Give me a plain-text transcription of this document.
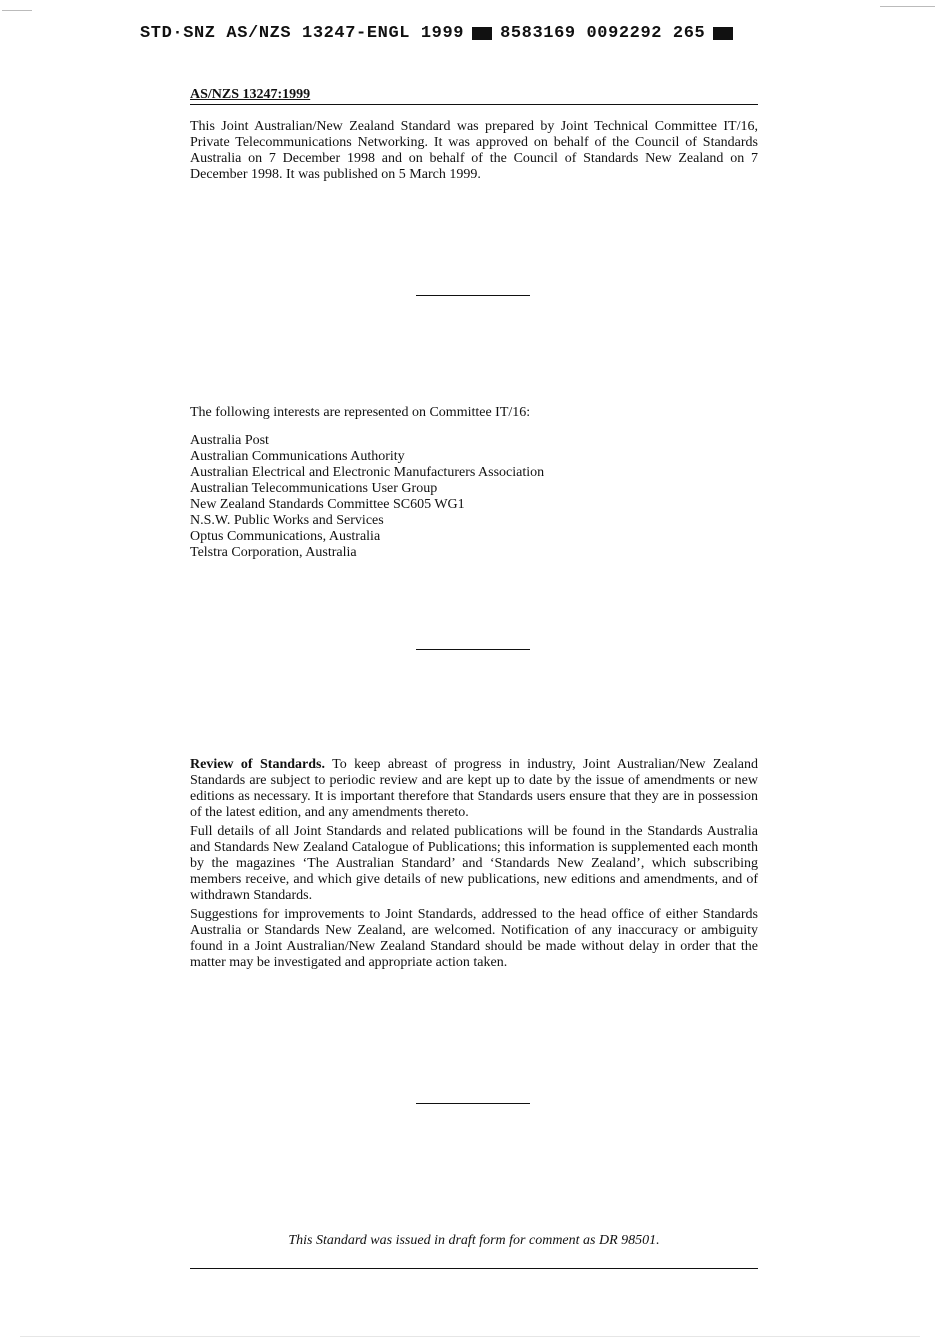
STD·SNZ AS/NZS 13247-ENGL 1999 8583169 0092292 265
AS/NZS 13247:1999

This Joint Australian/New Zealand Standard was prepared by Joint Technical Committee IT/16, Private Telecommunications Networking. It was approved on behalf of the Council of Standards Australia on 7 December 1998 and on behalf of the Council of Standards New Zealand on 7 December 1998. It was published on 5 March 1999.

The following interests are represented on Committee IT/16:

Australia Post
Australian Communications Authority
Australian Electrical and Electronic Manufacturers Association
Australian Telecommunications User Group
New Zealand Standards Committee SC605 WG1
N.S.W. Public Works and Services
Optus Communications, Australia
Telstra Corporation, Australia

Review of Standards. To keep abreast of progress in industry, Joint Australian/New Zealand Standards are subject to periodic review and are kept up to date by the issue of amendments or new editions as necessary. It is important therefore that Standards users ensure that they are in possession of the latest edition, and any amendments thereto.

Full details of all Joint Standards and related publications will be found in the Standards Australia and Standards New Zealand Catalogue of Publications; this information is supplemented each month by the magazines ‘The Australian Standard’ and ‘Standards New Zealand’, which subscribing members receive, and which give details of new publications, new editions and amendments, and of withdrawn Standards.

Suggestions for improvements to Joint Standards, addressed to the head office of either Standards Australia or Standards New Zealand, are welcomed. Notification of any inaccuracy or ambiguity found in a Joint Australian/New Zealand Standard should be made without delay in order that the matter may be investigated and appropriate action taken.

This Standard was issued in draft form for comment as DR 98501.
